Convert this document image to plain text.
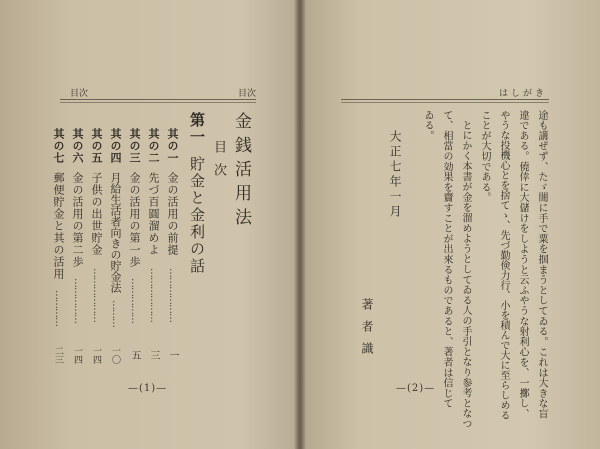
目次	目次
金銭活用法
目次
第一
貯金と金利の話
其の一
金の活用の前提
………………
一
其の二
先づ百圓溜めよ
………………
三
其の三
金の活用の第一歩
……………
五
其の四
月給生活者向きの貯金法
………
一〇
其の五
子供の出世貯金
………………
一四
其の六
金の活用の第二歩
……………
一四
其の七
郵便貯金と其の活用
…………
二三
—(1)—
はしがき
途も講ぜず、たゞ闇に手で粟を掴まうとしてゐる。これは大きな盲
違である。僥倖に大儲けをしようと云ふやうな射利心を、一擲し、
やうな投機心とを捨てゝ、先づ勤倹力行、小を積んで大に至らしめる
ことが大切である。
とにかく本書が金を溜めようとしてゐる人の手引となり参考となつ
て、相當の効果を齎すことが出來るものであると、著者は信じて
ゐる。
大正七年一月
著者識
—(2)—
